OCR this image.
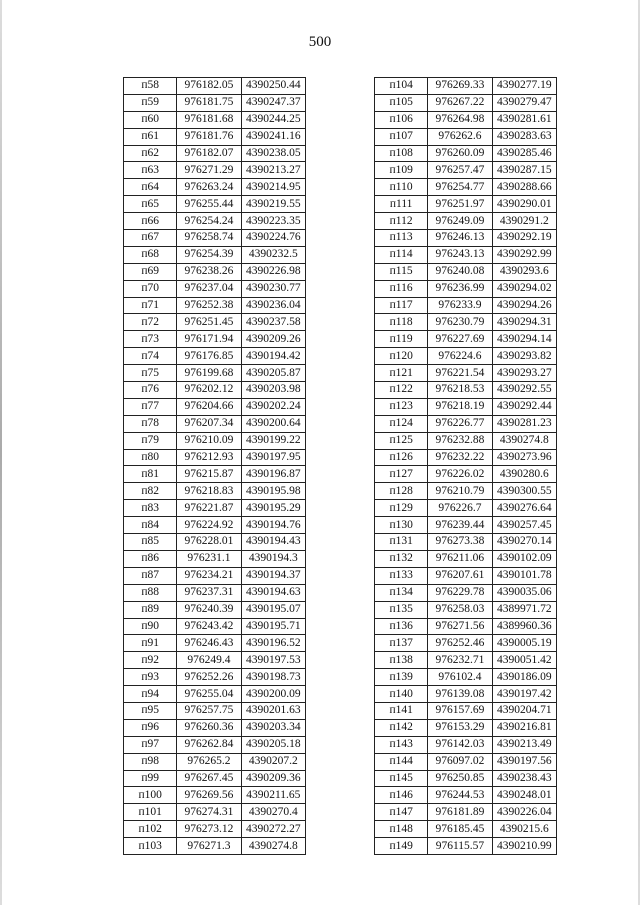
500
п58	976182.05	4390250.44
п59	976181.75	4390247.37
п60	976181.68	4390244.25
п61	976181.76	4390241.16
п62	976182.07	4390238.05
п63	976271.29	4390213.27
п64	976263.24	4390214.95
п65	976255.44	4390219.55
п66	976254.24	4390223.35
п67	976258.74	4390224.76
п68	976254.39	4390232.5
п69	976238.26	4390226.98
п70	976237.04	4390230.77
п71	976252.38	4390236.04
п72	976251.45	4390237.58
п73	976171.94	4390209.26
п74	976176.85	4390194.42
п75	976199.68	4390205.87
п76	976202.12	4390203.98
п77	976204.66	4390202.24
п78	976207.34	4390200.64
п79	976210.09	4390199.22
п80	976212.93	4390197.95
п81	976215.87	4390196.87
п82	976218.83	4390195.98
п83	976221.87	4390195.29
п84	976224.92	4390194.76
п85	976228.01	4390194.43
п86	976231.1	4390194.3
п87	976234.21	4390194.37
п88	976237.31	4390194.63
п89	976240.39	4390195.07
п90	976243.42	4390195.71
п91	976246.43	4390196.52
п92	976249.4	4390197.53
п93	976252.26	4390198.73
п94	976255.04	4390200.09
п95	976257.75	4390201.63
п96	976260.36	4390203.34
п97	976262.84	4390205.18
п98	976265.2	4390207.2
п99	976267.45	4390209.36
п100	976269.56	4390211.65
п101	976274.31	4390270.4
п102	976273.12	4390272.27
п103	976271.3	4390274.8
п104	976269.33	4390277.19
п105	976267.22	4390279.47
п106	976264.98	4390281.61
п107	976262.6	4390283.63
п108	976260.09	4390285.46
п109	976257.47	4390287.15
п110	976254.77	4390288.66
п111	976251.97	4390290.01
п112	976249.09	4390291.2
п113	976246.13	4390292.19
п114	976243.13	4390292.99
п115	976240.08	4390293.6
п116	976236.99	4390294.02
п117	976233.9	4390294.26
п118	976230.79	4390294.31
п119	976227.69	4390294.14
п120	976224.6	4390293.82
п121	976221.54	4390293.27
п122	976218.53	4390292.55
п123	976218.19	4390292.44
п124	976226.77	4390281.23
п125	976232.88	4390274.8
п126	976232.22	4390273.96
п127	976226.02	4390280.6
п128	976210.79	4390300.55
п129	976226.7	4390276.64
п130	976239.44	4390257.45
п131	976273.38	4390270.14
п132	976211.06	4390102.09
п133	976207.61	4390101.78
п134	976229.78	4390035.06
п135	976258.03	4389971.72
п136	976271.56	4389960.36
п137	976252.46	4390005.19
п138	976232.71	4390051.42
п139	976102.4	4390186.09
п140	976139.08	4390197.42
п141	976157.69	4390204.71
п142	976153.29	4390216.81
п143	976142.03	4390213.49
п144	976097.02	4390197.56
п145	976250.85	4390238.43
п146	976244.53	4390248.01
п147	976181.89	4390226.04
п148	976185.45	4390215.6
п149	976115.57	4390210.99
